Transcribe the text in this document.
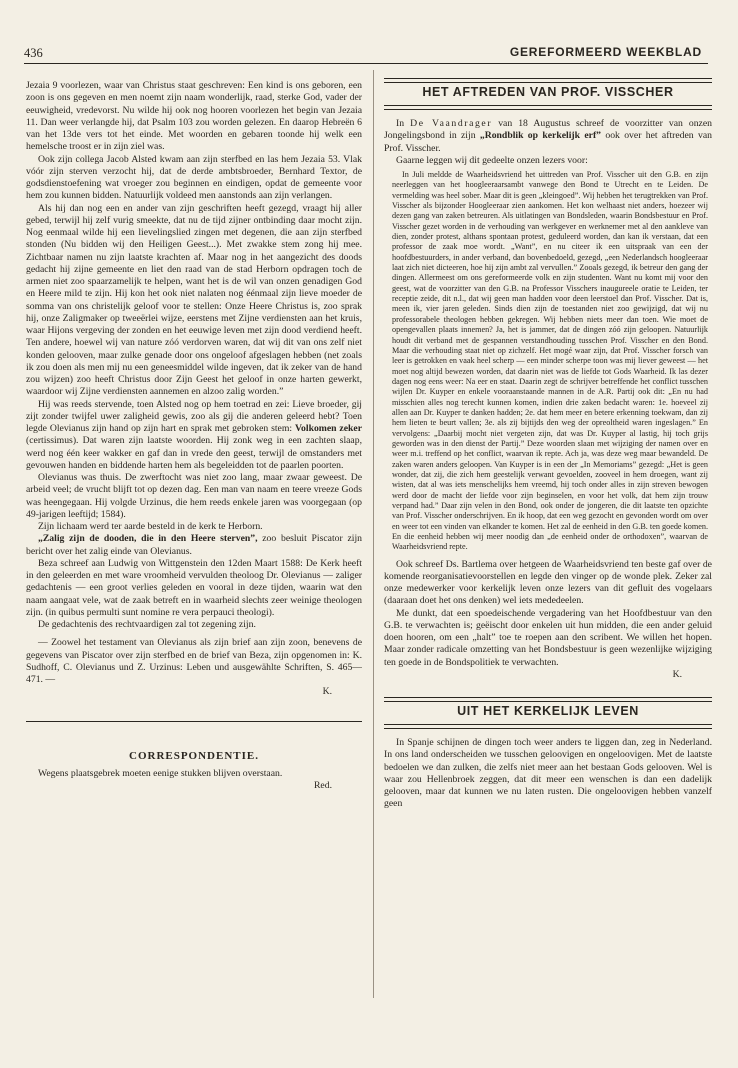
436	GEREFORMEERD WEEKBLAD

Jezaia 9 voorlezen, waar van Christus staat geschreven: Een kind is ons geboren, een zoon is ons gegeven en men noemt zijn naam wonderlijk, raad, sterke God, vader der eeuwigheid, vredevorst. Nu wilde hij ook nog hooren voorlezen het begin van Jezaia 11. Dan weer verlangde hij, dat Psalm 103 zou worden gelezen. En daarop Hebreën 6 van het 13de vers tot het einde. Met woorden en gebaren toonde hij welk een hemelsche troost er in zijn ziel was.

Ook zijn collega Jacob Alsted kwam aan zijn sterfbed en las hem Jezaia 53. Vlak vóór zijn sterven verzocht hij, dat de derde ambtsbroeder, Bernhard Textor, de godsdienstoefening wat vroeger zou beginnen en eindigen, opdat de gemeente voor hem zou kunnen bidden. Natuurlijk voldeed men aanstonds aan zijn verlangen.

Als hij dan nog een en ander van zijn geschriften heeft gezegd, vraagt hij aller gebed, terwijl hij zelf vurig smeekte, dat nu de tijd zijner ontbinding daar mocht zijn. Nog eenmaal wilde hij een lievelingslied zingen met degenen, die aan zijn sterfbed stonden (Nu bidden wij den Heiligen Geest...). Met zwakke stem zong hij mee. Zichtbaar namen nu zijn laatste krachten af. Maar nog in het aangezicht des doods gedacht hij zijne gemeente en liet den raad van de stad Herborn opdragen toch de armen niet zoo spaarzamelijk te helpen, want het is de wil van onzen genadigen God en Heere mild te zijn. Hij kon het ook niet nalaten nog éénmaal zijn lieve moeder de somma van ons christelijk geloof voor te stellen: Onze Heere Christus is, zoo sprak hij, onze Zaligmaker op tweeërlei wijze, eerstens met Zijne verdiensten aan het kruis, waar Hijons vergeving der zonden en het eeuwige leven met zijn dood verdiend heeft. Ten andere, hoewel wij van nature zóó verdorven waren, dat wij dit van ons zelf niet konden gelooven, maar zulke genade door ons ongeloof afgeslagen hebben (net zoals ik zou doen als men mij nu een geneesmiddel wilde ingeven, dat ik zeker van de hand zou wijzen) zoo heeft Christus door Zijn Geest het geloof in onze harten gewerkt, waardoor wij Zijne verdiensten aannemen en alzoo zalig worden.”

Hij was reeds stervende, toen Alsted nog op hem toetrad en zei: Lieve broeder, gij zijt zonder twijfel uwer zaligheid gewis, zoo als gij die anderen geleerd hebt? Toen legde Olevianus zijn hand op zijn hart en sprak met gebroken stem: Volkomen zeker (certissimus). Dat waren zijn laatste woorden. Hij zonk weg in een zachten slaap, werd nog één keer wakker en gaf dan in vrede den geest, terwijl de omstanders met gevouwen handen en biddende harten hem als begeleidden tot de paarlen poorten.

Olevianus was thuis. De zwerftocht was niet zoo lang, maar zwaar geweest. De arbeid veel; de vrucht blijft tot op dezen dag. Een man van naam en teere vreeze Gods was heengegaan. Hij volgde Urzinus, die hem reeds enkele jaren was voorgegaan (op 49-jarigen leeftijd; 1584).

Zijn lichaam werd ter aarde besteld in de kerk te Herborn.

„Zalig zijn de dooden, die in den Heere sterven”, zoo besluit Piscator zijn bericht over het zalig einde van Olevianus.

Beza schreef aan Ludwig von Wittgenstein den 12den Maart 1588: De Kerk heeft in den geleerden en met ware vroomheid vervulden theoloog Dr. Olevianus — zaliger gedachtenis — een groot verlies geleden en vooral in deze tijden, waarin wat den naam aangaat vele, wat de zaak betreft en in waarheid slechts zeer weinige theologen zijn. (in quibus permulti sunt nomine re vera perpauci theologi).

De gedachtenis des rechtvaardigen zal tot zegening zijn.

— Zoowel het testament van Olevianus als zijn brief aan zijn zoon, benevens de gegevens van Piscator over zijn sterfbed en de brief van Beza, zijn opgenomen in: K. Sudhoff, C. Olevianus und Z. Urzinus: Leben und ausgewählte Schriften, S. 465—471. —
K.

CORRESPONDENTIE.

Wegens plaatsgebrek moeten eenige stukken blijven overstaan.
Red.

HET AFTREDEN VAN PROF. VISSCHER

In De Vaandrager van 18 Augustus schreef de voorzitter van onzen Jongelingsbond in zijn „Rondblik op kerkelijk erf” ook over het aftreden van Prof. Visscher.

Gaarne leggen wij dit gedeelte onzen lezers voor:

In Juli meldde de Waarheidsvriend het uittreden van Prof. Visscher uit den G.B. en zijn neerleggen van het hoogleeraarsambt vanwege den Bond te Utrecht en te Leiden. De vermelding was heel sober. Maar dit is geen „kleingoed”. Wij hebben het terugtrekken van Prof. Visscher als bijzonder Hoogleeraar zien aankomen. Het kon welhaast niet anders, hoezeer wij dezen gang van zaken betreuren. Als uitlatingen van Bondsleden, waarin Bondsbestuur en Prof. Visscher gezet worden in de verhouding van werkgever en werknemer met al den aankleve van dien, zonder protest, althans spontaan protest, geduleerd worden, dan kan ik verstaan, dat een professor de zaak moe wordt. „Want”, en nu citeer ik een uitspraak van een der hoofdbestuurders, in ander verband, dan bovenbedoeld, gezegd, „een Nederlandsch hoogleeraar laat zich niet dicteeren, hoe hij zijn ambt zal vervullen.” Zooals gezegd, ik betreur den gang der dingen. Allermeest om ons gereformeerde volk en zijn studenten. Want nu komt mij voor den geest, wat de voorzitter van den G.B. na Professor Visschers inaugureele oratie te Leiden, ter receptie zeide, dit n.l., dat wij geen man hadden voor deen leerstoel dan Prof. Visscher. Dat is, meen ik, vier jaren geleden. Sinds dien zijn de toestanden niet zoo gewijzigd, dat wij nu professorabele theologen hebben gekregen. Wij hebben niets meer dan toen. Wie moet de opengevallen plaats innemen? Ja, het is jammer, dat de dingen zóó zijn geloopen. Natuurlijk houdt dit verband met de gespannen verstandhouding tusschen Prof. Visscher en den Bond. Maar die verhouding staat niet op zichzelf. Het mogé waar zijn, dat Prof. Visscher forsch van leer is getrokken en vaak heel scherp — een minder scherpe toon was mij liever geweest — het moet nog altijd bewezen worden, dat daarin niet was de liefde tot Gods Waarheid. Ik las dezer dagen nog eens weer: Na eer en staat. Daarin zegt de schrijver betreffende het conflict tusschen wijlen Dr. Kuyper en enkele vooraanstaande mannen in de A.R. Partij ook dit: „En nu had misschien alles nog terecht kunnen komen, indien drie zaken bedacht waren: 1e. hoeveel zij allen aan Dr. Kuyper te danken hadden; 2e. dat hem meer en betere erkenning toekwam, dan zij hem lieten te beurt vallen; 3e. als zij bijtijds den weg der opreoltheid waren ingeslagen.” En vervolgens: „Daarbij mocht niet vergeten zijn, dat was Dr. Kuyper al lastig, hij toch grijs geworden was in den dienst der Partij.” Deze woorden slaan met wijziging der namen over en weer m.i. treffend op het conflict, waarvan ik repte. Ach ja, was deze weg maar bewandeld. De zaken waren anders geloopen. Van Kuyper is in een der „In Memoriams” gezegd: „Het is geen wonder, dat zij, die zich hem geestelijk verwant gevoelden, zooveel in hem droegen, want zij wisten, dat al was iets menschelijks hem vreemd, hij toch onder alles in zijn streven bewogen werd door de macht der liefde voor zijn beginselen, en voor het volk, dat hem zijn trouw verpand had.” Daar zijn velen in den Bond, ook onder de jongeren, die dit laatste ten opzichte van Prof. Visscher onderschrijven. En ik hoop, dat een weg gezocht en gevonden wordt om over en weer tot een vinden van elkander te komen. Het zal de eenheid in den G.B. ten goede komen. En die eenheid hebben wij meer noodig dan „de eenheid onder de orthodoxen”, waarvan de Waarheidsvriend repte.

Ook schreef Ds. Bartlema over hetgeen de Waarheidsvriend ten beste gaf over de komende reorganisatievoorstellen en legde den vinger op de wonde plek. Zeker zal onze medewerker voor kerkelijk leven onze lezers van dit gefluit des vogelaars (daaraan doet het ons denken) wel iets mededeelen.

Me dunkt, dat een spoedeischende vergadering van het Hoofdbestuur van den G.B. te verwachten is; geëischt door enkelen uit hun midden, die een ander geluid doen hooren, om een „halt” toe te roepen aan den scribent. We willen het hopen. Maar zonder radicale omzetting van het Bondsbestuur is geen wezenlijke wijziging ten goede in de Bondspolitiek te verwachten.
K.

UIT HET KERKELIJK LEVEN

In Spanje schijnen de dingen toch weer anders te liggen dan, zeg in Nederland. In ons land onderscheiden we tusschen geloovigen en ongeloovigen. Met de laatste bedoelen we dan zulken, die zelfs niet meer aan het bestaan Gods gelooven. Wel is waar zou Hellenbroek zeggen, dat dit meer een wenschen is dan een dadelijk gelooven, maar dat kunnen we nu laten rusten. Die ongeloovigen hebben vanzelf geen
